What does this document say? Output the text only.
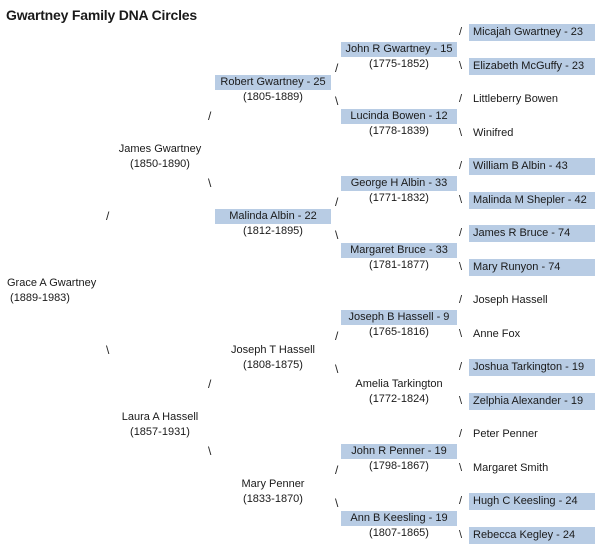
Gwartney Family DNA Circles
Grace A Gwartney
(1889-1983)
James Gwartney
(1850-1890)
Laura A Hassell
(1857-1931)
Robert Gwartney - 25
(1805-1889)
Malinda Albin - 22
(1812-1895)
Joseph T Hassell
(1808-1875)
Mary Penner
(1833-1870)
John R Gwartney - 15
(1775-1852)
Lucinda Bowen - 12
(1778-1839)
George H Albin - 33
(1771-1832)
Margaret Bruce - 33
(1781-1877)
Joseph B Hassell - 9
(1765-1816)
Amelia Tarkington
(1772-1824)
John R Penner - 19
(1798-1867)
Ann B Keesling - 19
(1807-1865)
/
\
/
\
/
\
/
\
/
\
/
\
/
\
/ Micajah Gwartney - 23
\ Elizabeth McGuffy - 23
/ Littleberry Bowen
\ Winifred
/ William B Albin - 43
\ Malinda M Shepler - 42
/ James R Bruce - 74
\ Mary Runyon - 74
/ Joseph Hassell
\ Anne Fox
/ Joshua Tarkington - 19
\ Zelphia Alexander - 19
/ Peter Penner
\ Margaret Smith
/ Hugh C Keesling - 24
\ Rebecca Kegley - 24
